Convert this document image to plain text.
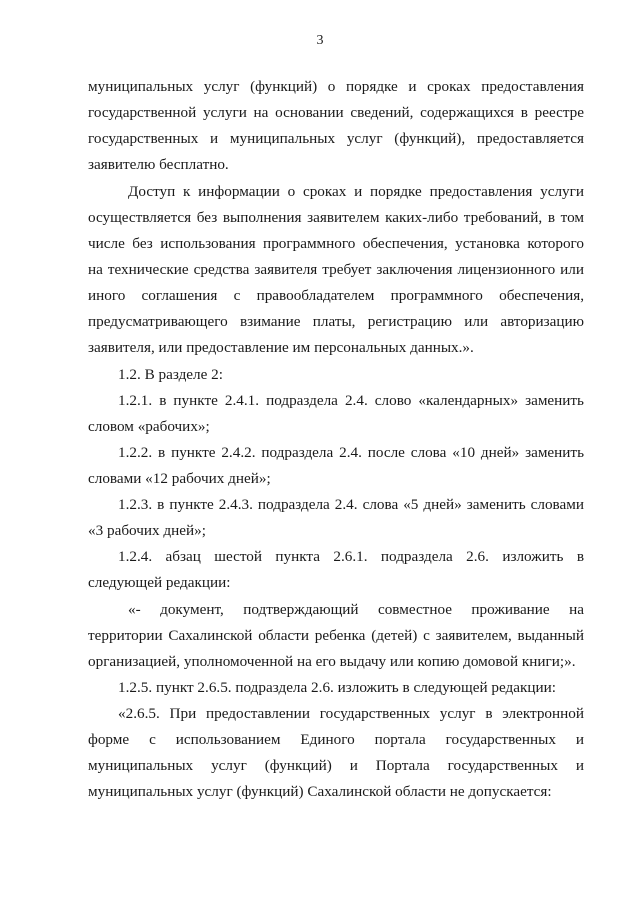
3
муниципальных услуг (функций) о порядке и сроках предоставления
государственной услуги на основании сведений, содержащихся в реестре
государственных и муниципальных услуг (функций), предоставляется
заявителю бесплатно.
Доступ к информации о сроках и порядке предоставления услуги
осуществляется без выполнения заявителем каких-либо требований, в том
числе без использования программного обеспечения, установка которого
на технические средства заявителя требует заключения лицензионного или
иного соглашения с правообладателем программного обеспечения,
предусматривающего взимание платы, регистрацию или авторизацию
заявителя, или предоставление им персональных данных.».
1.2. В разделе 2:
1.2.1. в пункте 2.4.1. подраздела 2.4. слово «календарных» заменить
словом «рабочих»;
1.2.2. в пункте 2.4.2. подраздела 2.4. после слова «10 дней» заменить
словами «12 рабочих дней»;
1.2.3. в пункте 2.4.3. подраздела 2.4. слова «5 дней» заменить словами
«3 рабочих дней»;
1.2.4. абзац шестой пункта 2.6.1. подраздела 2.6. изложить в
следующей редакции:
«- документ, подтверждающий совместное проживание на
территории Сахалинской области ребенка (детей) с заявителем, выданный
организацией, уполномоченной на его выдачу или копию домовой книги;».
1.2.5. пункт 2.6.5. подраздела 2.6. изложить в следующей редакции:
«2.6.5. При предоставлении государственных услуг в электронной
форме с использованием Единого портала государственных и
муниципальных услуг (функций) и Портала государственных и
муниципальных услуг (функций) Сахалинской области не допускается:
